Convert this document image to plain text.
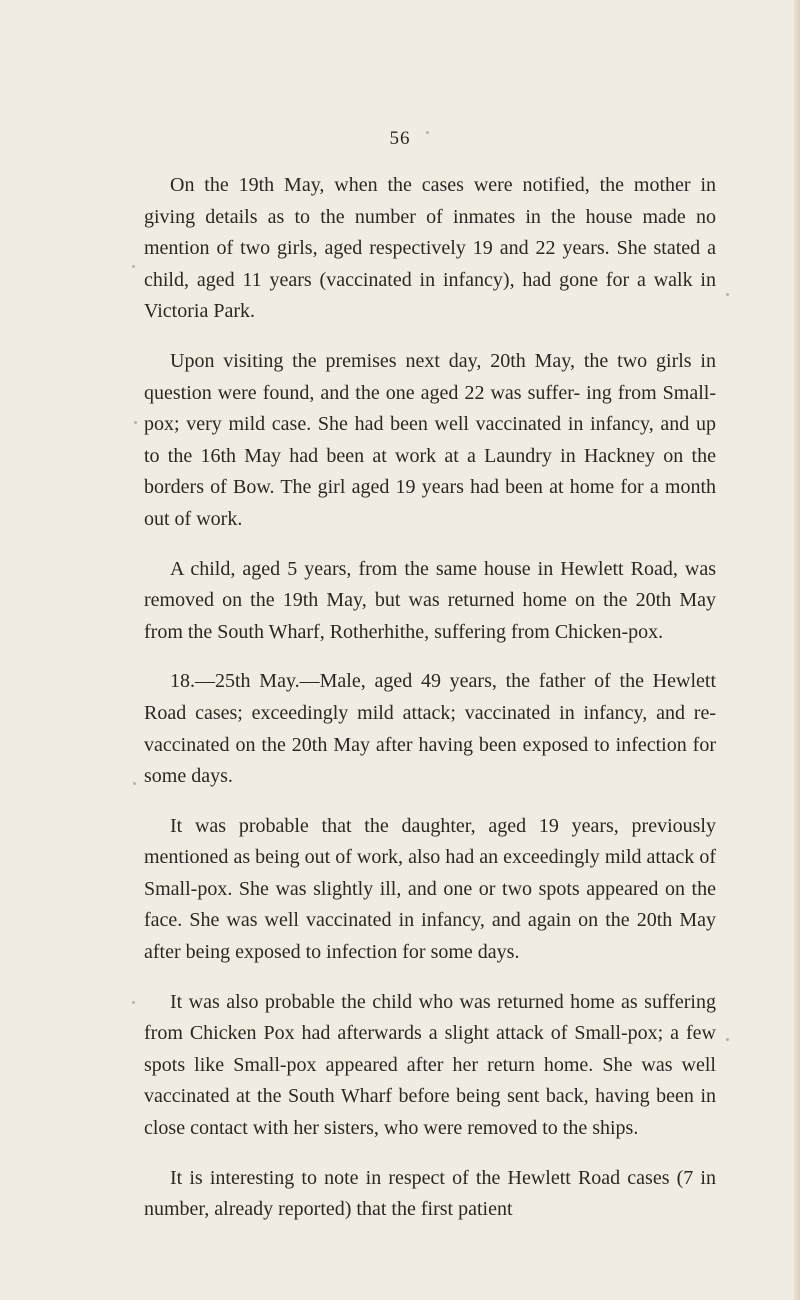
56

On the 19th May, when the cases were notified, the mother in giving details as to the number of inmates in the house made no mention of two girls, aged respectively 19 and 22 years. She stated a child, aged 11 years (vaccinated in infancy), had gone for a walk in Victoria Park.

Upon visiting the premises next day, 20th May, the two girls in question were found, and the one aged 22 was suffer- ing from Small-pox; very mild case. She had been well vaccinated in infancy, and up to the 16th May had been at work at a Laundry in Hackney on the borders of Bow. The girl aged 19 years had been at home for a month out of work.

A child, aged 5 years, from the same house in Hewlett Road, was removed on the 19th May, but was returned home on the 20th May from the South Wharf, Rotherhithe, suffering from Chicken-pox.

18.—25th May.—Male, aged 49 years, the father of the Hewlett Road cases; exceedingly mild attack; vaccinated in infancy, and re-vaccinated on the 20th May after having been exposed to infection for some days.

It was probable that the daughter, aged 19 years, previously mentioned as being out of work, also had an exceedingly mild attack of Small-pox. She was slightly ill, and one or two spots appeared on the face. She was well vaccinated in infancy, and again on the 20th May after being exposed to infection for some days.

It was also probable the child who was returned home as suffering from Chicken Pox had afterwards a slight attack of Small-pox; a few spots like Small-pox appeared after her return home. She was well vaccinated at the South Wharf before being sent back, having been in close contact with her sisters, who were removed to the ships.

It is interesting to note in respect of the Hewlett Road cases (7 in number, already reported) that the first patient
